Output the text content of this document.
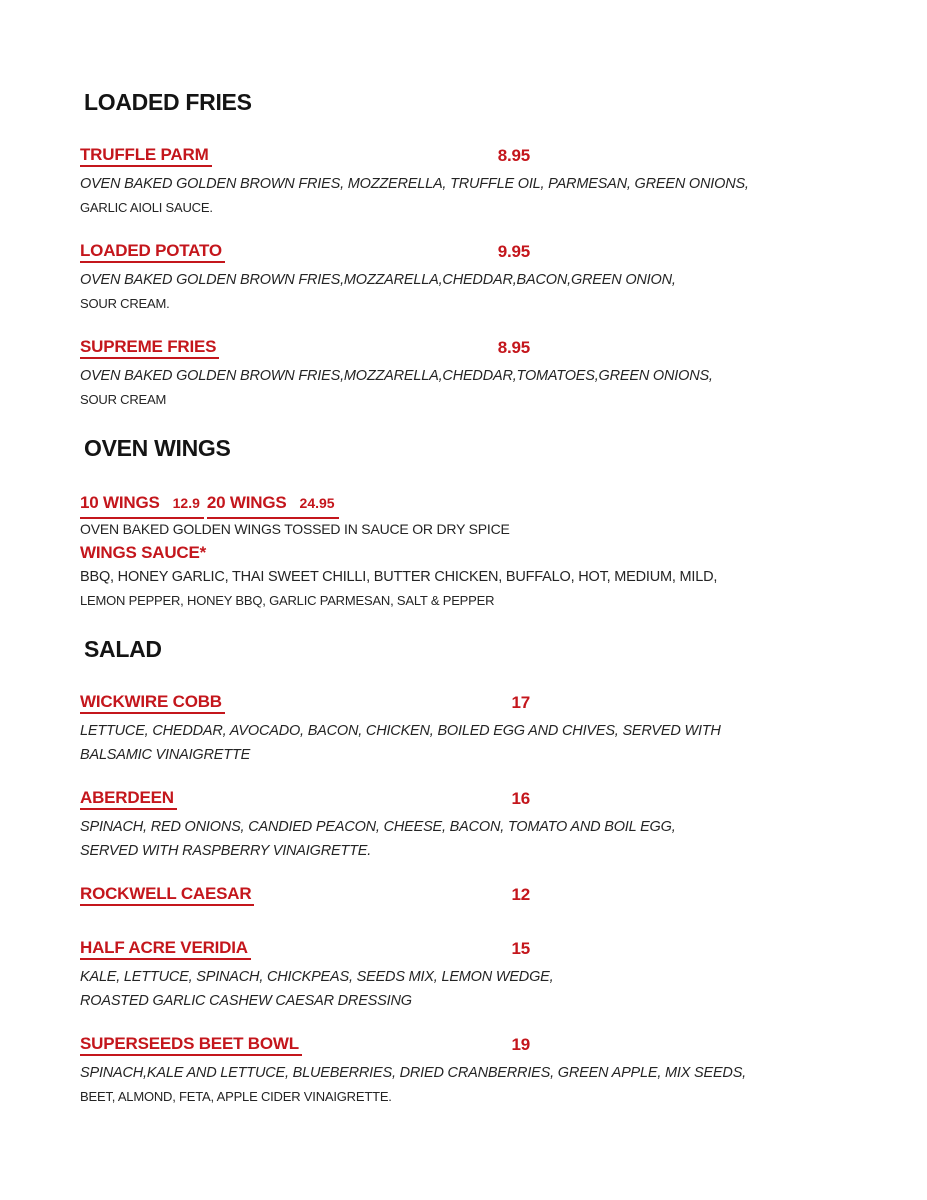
LOADED FRIES
TRUFFLE PARM	8.95
OVEN BAKED GOLDEN BROWN FRIES, MOZZERELLA, TRUFFLE OIL, PARMESAN, GREEN ONIONS,
GARLIC AIOLI SAUCE.
LOADED POTATO	9.95
OVEN BAKED GOLDEN BROWN FRIES,MOZZARELLA,CHEDDAR,BACON,GREEN ONION,
SOUR CREAM.
SUPREME FRIES	8.95
OVEN BAKED GOLDEN BROWN FRIES,MOZZARELLA,CHEDDAR,TOMATOES,GREEN ONIONS,
SOUR CREAM
OVEN WINGS
10 WINGS 12.9 20 WINGS 24.95
OVEN BAKED GOLDEN WINGS TOSSED IN SAUCE OR DRY SPICE
WINGS SAUCE*
BBQ, HONEY GARLIC, THAI SWEET CHILLI, BUTTER CHICKEN, BUFFALO, HOT, MEDIUM, MILD,
LEMON PEPPER, HONEY BBQ, GARLIC PARMESAN, SALT & PEPPER
SALAD
WICKWIRE COBB	17
LETTUCE, CHEDDAR, AVOCADO, BACON, CHICKEN, BOILED EGG AND CHIVES, SERVED WITH
BALSAMIC VINAIGRETTE
ABERDEEN	16
SPINACH, RED ONIONS, CANDIED PEACON, CHEESE, BACON, TOMATO AND BOIL EGG,
SERVED WITH RASPBERRY VINAIGRETTE.
ROCKWELL CAESAR	12
HALF ACRE VERIDIA	15
KALE, LETTUCE, SPINACH, CHICKPEAS, SEEDS MIX, LEMON WEDGE,
ROASTED GARLIC CASHEW CAESAR DRESSING
SUPERSEEDS BEET BOWL	19
SPINACH,KALE AND LETTUCE, BLUEBERRIES, DRIED CRANBERRIES, GREEN APPLE, MIX SEEDS,
BEET, ALMOND, FETA, APPLE CIDER VINAIGRETTE.
